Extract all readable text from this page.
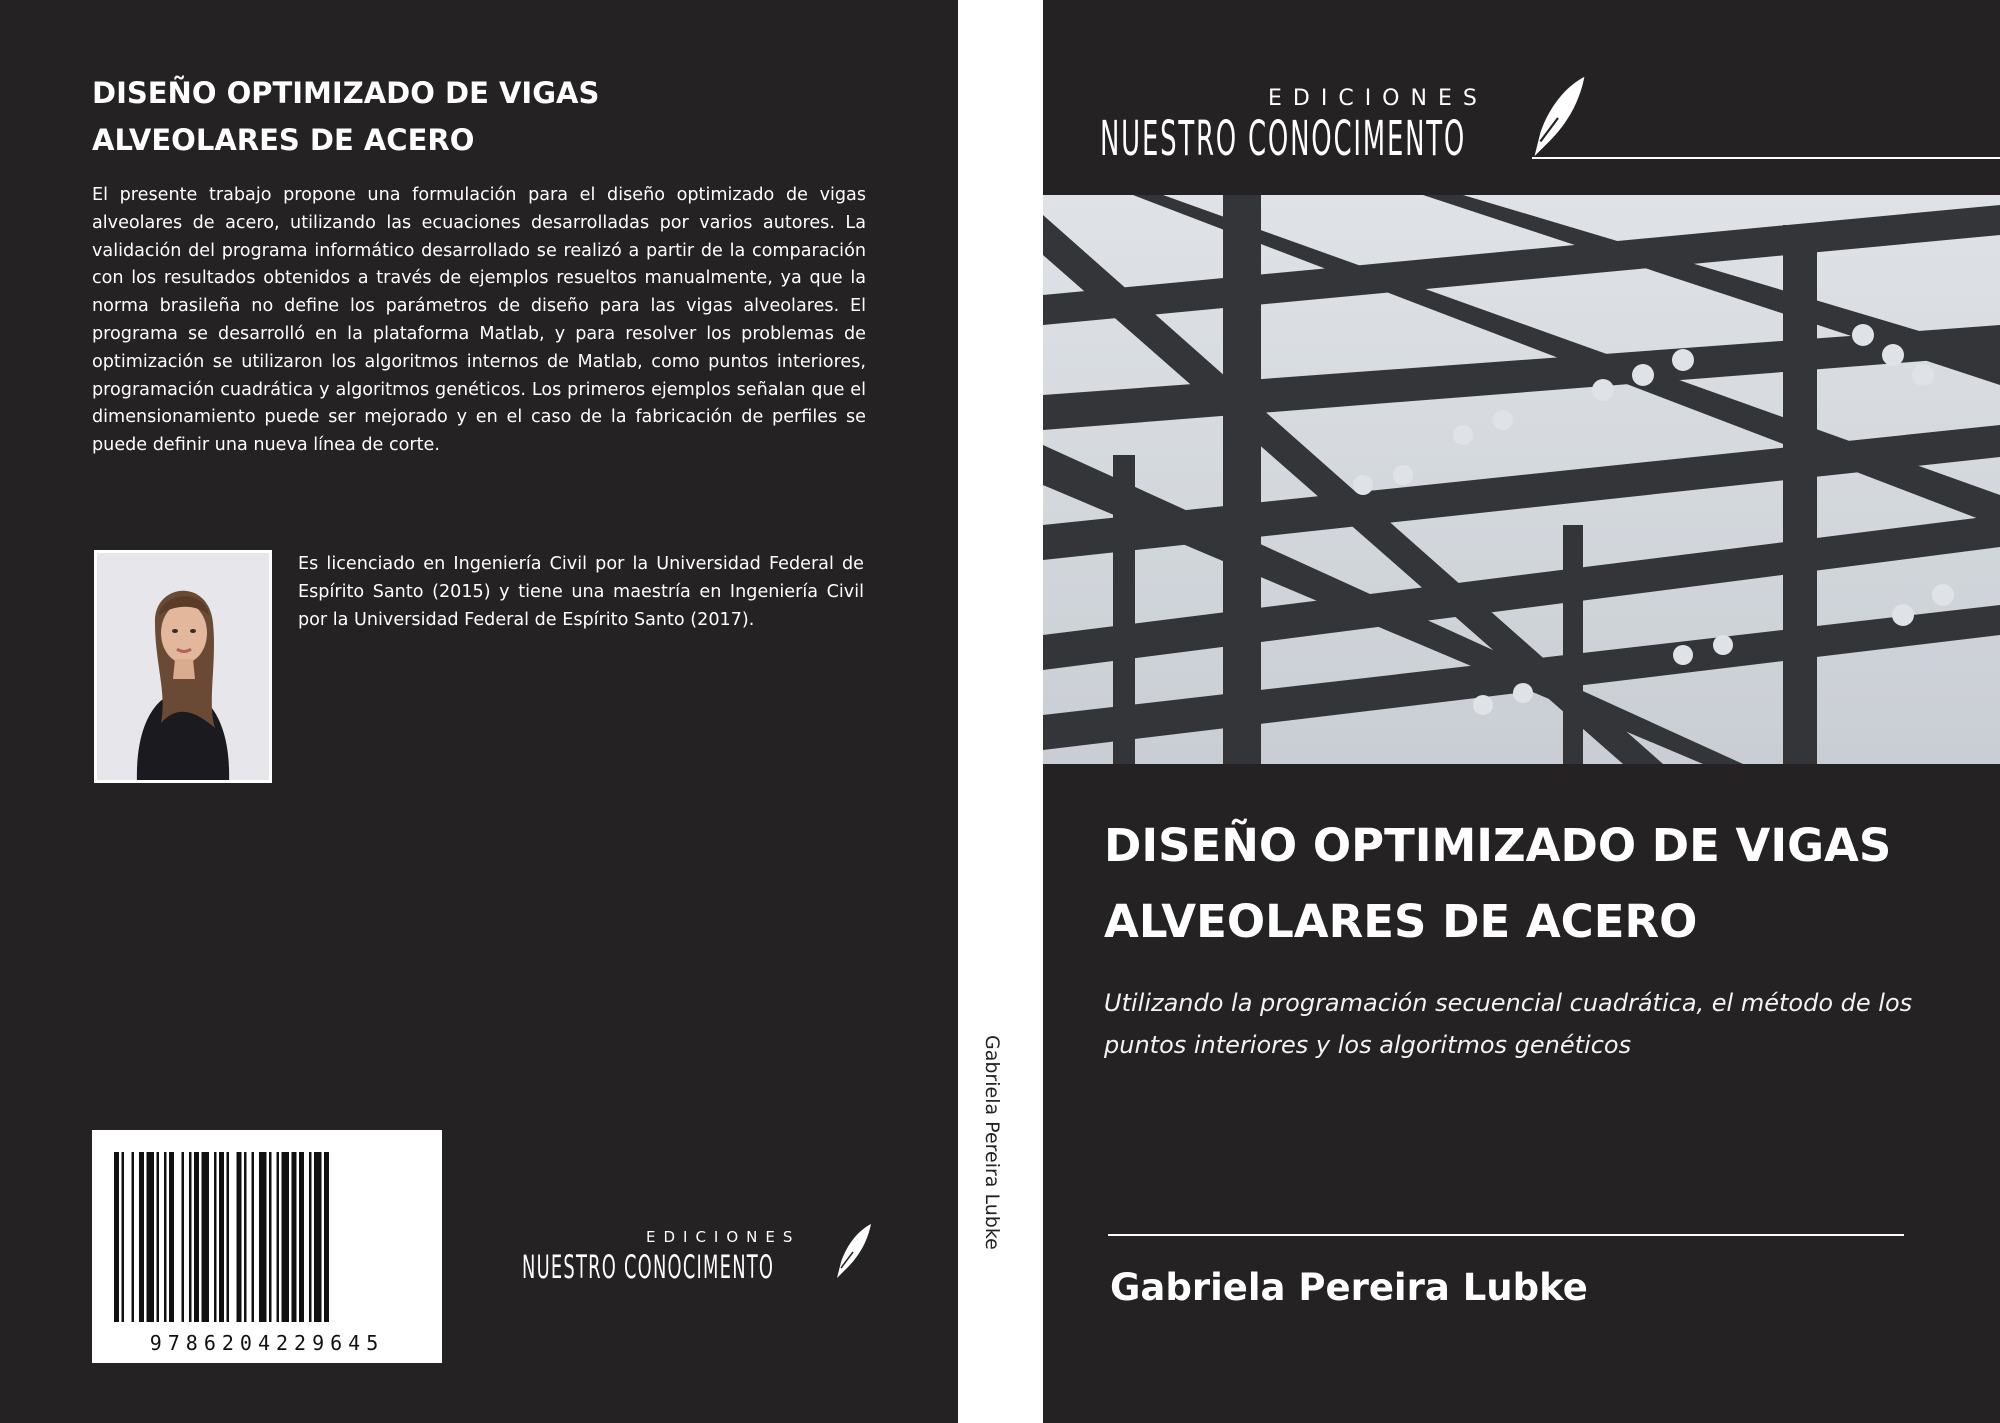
DISEÑO OPTIMIZADO DE VIGAS
ALVEOLARES DE ACERO

El presente trabajo propone una formulación para el diseño optimizado de vigas alveolares de acero, utilizando las ecuaciones desarrolladas por varios autores. La validación del programa informático desarrollado se realizó a partir de la comparación con los resultados obtenidos a través de ejemplos resueltos manualmente, ya que la norma brasileña no define los parámetros de diseño para las vigas alveolares. El programa se desarrolló en la plataforma Matlab, y para resolver los problemas de optimización se utilizaron los algoritmos internos de Matlab, como puntos interiores, programación cuadrática y algoritmos genéticos. Los primeros ejemplos señalan que el dimensionamiento puede ser mejorado y en el caso de la fabricación de perfiles se puede definir una nueva línea de corte.

Es licenciado en Ingeniería Civil por la Universidad Federal de Espírito Santo (2015) y tiene una maestría en Ingeniería Civil por la Universidad Federal de Espírito Santo (2017).

9786204229645
EDICIONES
NUESTRO CONOCIMENTO
Gabriela Pereira Lubke
EDICIONES
NUESTRO CONOCIMENTO
DISEÑO OPTIMIZADO DE VIGAS
ALVEOLARES DE ACERO

Utilizando la programación secuencial cuadrática, el método de los puntos interiores y los algoritmos genéticos

Gabriela Pereira Lubke
